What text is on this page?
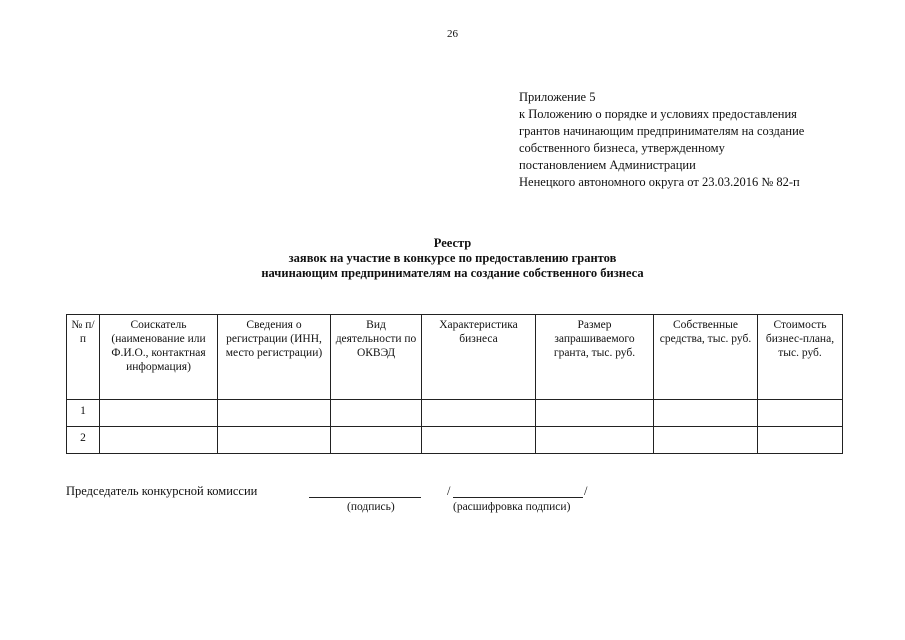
26
Приложение 5
к Положению о порядке и условиях предоставления
грантов начинающим предпринимателям на создание
собственного бизнеса, утвержденному
постановлением Администрации
Ненецкого автономного округа от 23.03.2016 № 82-п
Реестр
заявок на участие в конкурсе по предоставлению грантов
начинающим предпринимателям на создание собственного бизнеса
№ п/п	Соискатель (наименование или Ф.И.О., контактная информация)	Сведения о регистрации (ИНН, место регистрации)	Вид деятельности по ОКВЭД	Характеристика бизнеса	Размер запрашиваемого гранта, тыс. руб.	Собственные средства, тыс. руб.	Стоимость бизнес-плана, тыс. руб.
1							
2							
Председатель конкурсной комиссии	/	/
(подпись)	(расшифровка подписи)
